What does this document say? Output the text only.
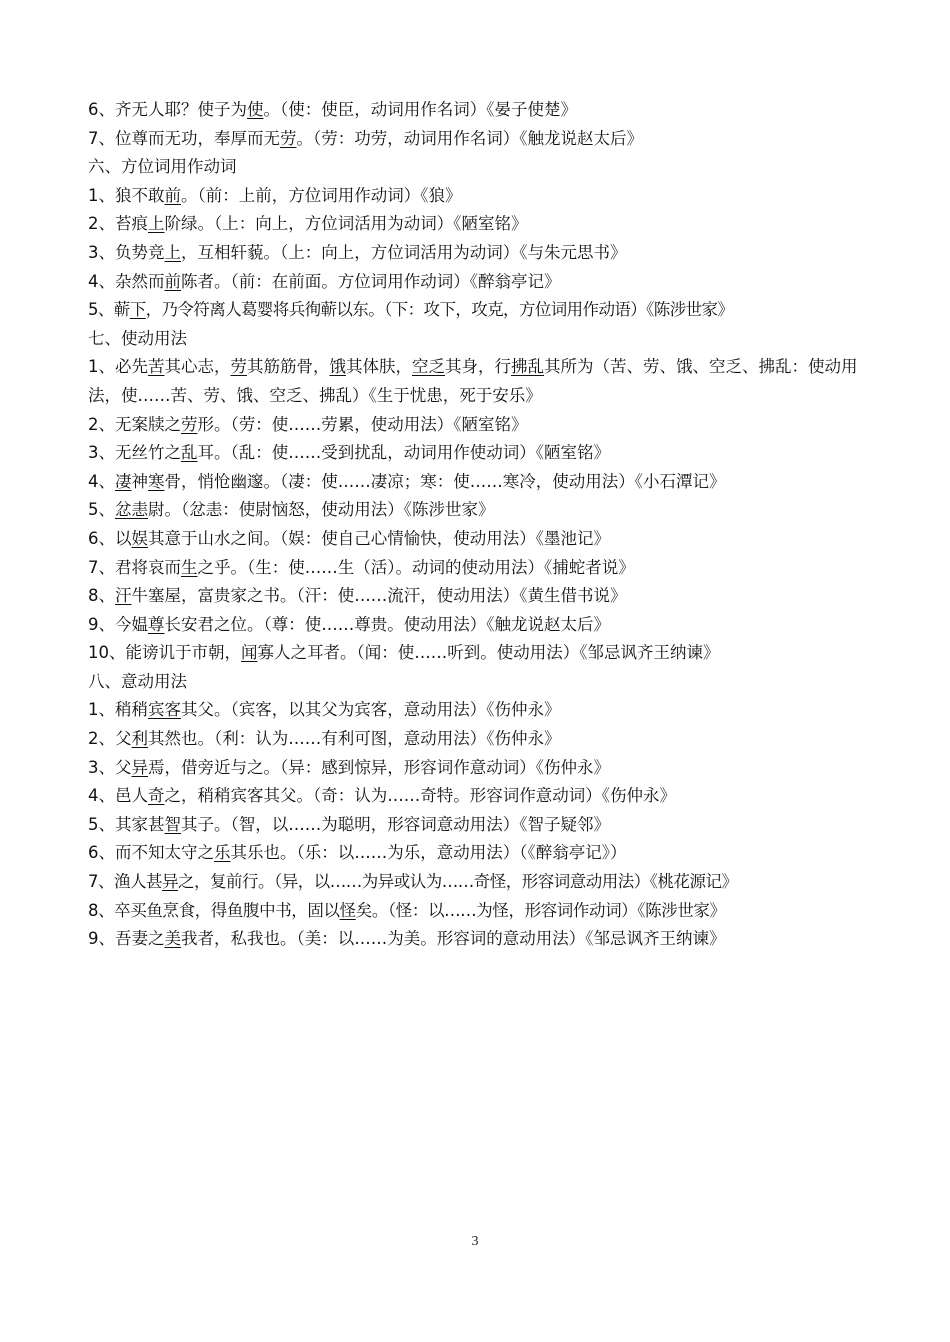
6、齐无人耶？使子为使。（使：使臣，动词用作名词）《晏子使楚》
7、位尊而无功，奉厚而无劳。（劳：功劳，动词用作名词）《触龙说赵太后》
六、方位词用作动词
1、狼不敢前。（前：上前，方位词用作动词）《狼》
2、苔痕上阶绿。（上：向上，方位词活用为动词）《陋室铭》
3、负势竞上，互相轩藐。（上：向上，方位词活用为动词）《与朱元思书》
4、杂然而前陈者。（前：在前面。方位词用作动词）《醉翁亭记》
5、蕲下，乃令符离人葛婴将兵徇蕲以东。（下：攻下，攻克，方位词用作动语）《陈涉世家》
七、使动用法
1、必先苦其心志，劳其筋筋骨，饿其体肤，空乏其身，行拂乱其所为（苦、劳、饿、空乏、拂乱：使动用法，使……苦、劳、饿、空乏、拂乱）《生于忧患，死于安乐》
2、无案牍之劳形。（劳：使……劳累，使动用法）《陋室铭》
3、无丝竹之乱耳。（乱：使……受到扰乱，动词用作使动词）《陋室铭》
4、凄神寒骨，悄怆幽邃。（凄：使……凄凉；寒：使……寒冷，使动用法）《小石潭记》
5、忿恚尉。（忿恚：使尉恼怒，使动用法）《陈涉世家》
6、以娱其意于山水之间。（娱：使自己心情愉快，使动用法）《墨池记》
7、君将哀而生之乎。（生：使……生（活）。动词的使动用法）《捕蛇者说》
8、汗牛塞屋，富贵家之书。（汗：使……流汗，使动用法）《黄生借书说》
9、今媪尊长安君之位。（尊：使……尊贵。使动用法）《触龙说赵太后》
10、能谤讥于市朝，闻寡人之耳者。（闻：使……听到。使动用法）《邹忌讽齐王纳谏》
八、意动用法
1、稍稍宾客其父。（宾客，以其父为宾客，意动用法）《伤仲永》
2、父利其然也。（利：认为……有利可图，意动用法）《伤仲永》
3、父异焉，借旁近与之。（异：感到惊异，形容词作意动词）《伤仲永》
4、邑人奇之，稍稍宾客其父。（奇：认为……奇特。形容词作意动词）《伤仲永》
5、其家甚智其子。（智，以……为聪明，形容词意动用法）《智子疑邻》
6、而不知太守之乐其乐也。（乐：以……为乐，意动用法）（《醉翁亭记》）
7、渔人甚异之，复前行。（异，以……为异或认为……奇怪，形容词意动用法）《桃花源记》
8、卒买鱼烹食，得鱼腹中书，固以怪矣。（怪：以……为怪，形容词作动词）《陈涉世家》
9、吾妻之美我者，私我也。（美：以……为美。形容词的意动用法）《邹忌讽齐王纳谏》
3
